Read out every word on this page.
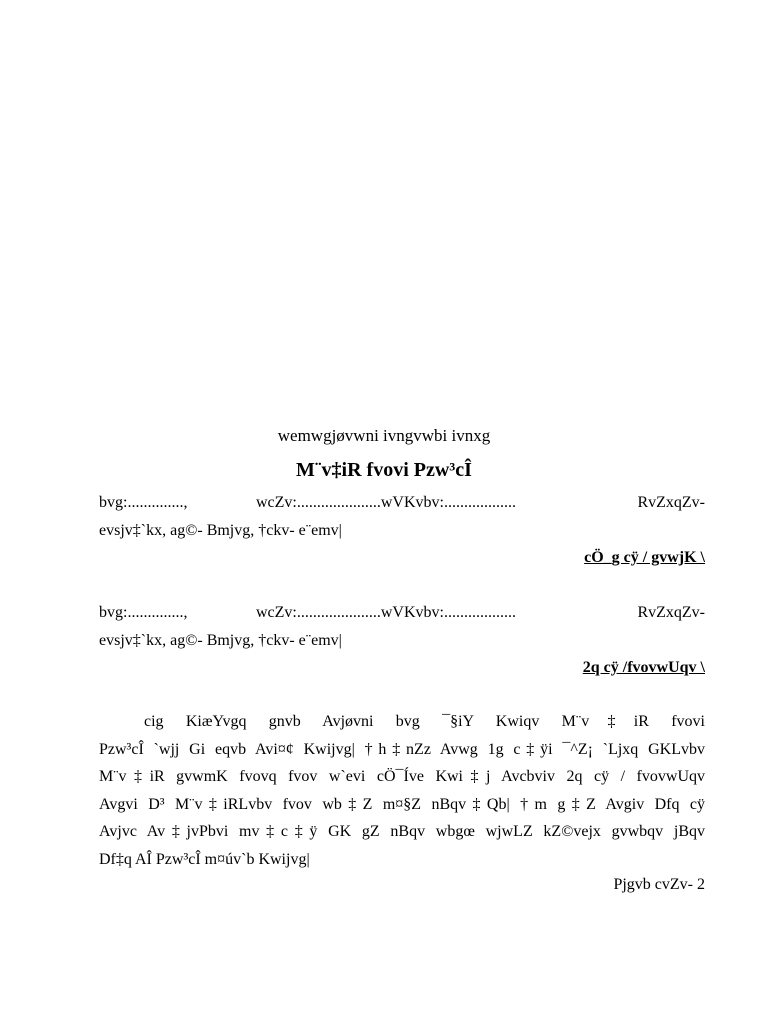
wemwgjøvwni ivngvwbi ivnxg
M¨v‡iR fvovi Pzw³cÎ
bvg:..............,	wcZv:.....................wVKvbv:..................	RvZxqZv-
evsjv‡`kx, ag©- Bmjvg, †ckv- e¨emv|
cÖ_g cÿ / gvwjK \
bvg:..............,	wcZv:.....................wVKvbv:..................	RvZxqZv-
evsjv‡`kx, ag©- Bmjvg, †ckv- e¨emv|
2q cÿ /fvovwUqv \
cig KiæYvgq gnvb Avjøvni bvg ¯§iY Kwiqv M¨v‡iR fvovi
Pzw³cÎ `wjj Gi eqvb Avi¤¢ Kwijvg| †h‡nZz Avwg 1g c‡ÿi ¯^Z¡ `Ljxq GKLvbv
M¨v‡iR gvwmK fvovq fvov w`evi cÖ¯Íve Kwi‡j Avcbviv 2q cÿ / fvovwUqv
Avgvi D³ M¨v‡iRLvbv fvov wb‡Z m¤§Z nBqv‡Qb| †m g‡Z Avgiv Dfq cÿ
Avjvc Av‡jvPbvi mv‡c‡ÿ GK gZ nBqv wbgœ wjwLZ kZ©vejx gvwbqv jBqv
Df‡q AÎ Pzw³cÎ m¤úv`b Kwijvg|
Pjgvb cvZv- 2
